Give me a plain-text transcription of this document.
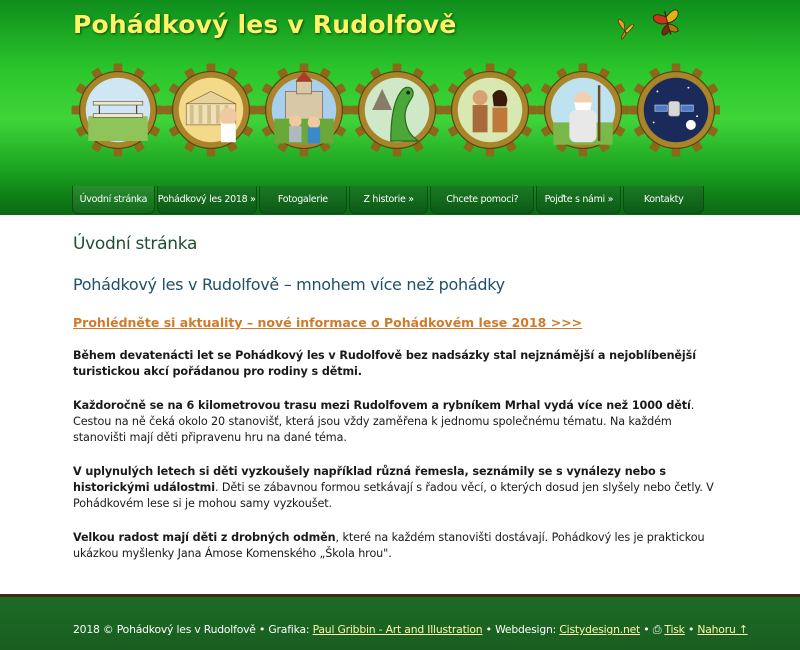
Pohádkový les v Rudolfově
Úvodní stránka	Pohádkový les 2018 »	Fotogalerie	Z historie »	Chcete pomoci?	Pojďte s námi »	Kontakty
Úvodní stránka
Pohádkový les v Rudolfově – mnohem více než pohádky
Prohlédněte si aktuality – nové informace o Pohádkovém lese 2018 >>>

Během devatenácti let se Pohádkový les v Rudolfově bez nadsázky stal nejznámější a nejoblíbenější turistickou akcí pořádanou pro rodiny s dětmi.

Každoročně se na 6 kilometrovou trasu mezi Rudolfovem a rybníkem Mrhal vydá více než 1000 dětí. Cestou na ně čeká okolo 20 stanovišť, která jsou vždy zaměřena k jednomu společnému tématu. Na každém stanovišti mají děti připravenu hru na dané téma.

V uplynulých letech si děti vyzkoušely například různá řemesla, seznámily se s vynálezy nebo s historickými událostmi. Děti se zábavnou formou setkávají s řadou věcí, o kterých dosud jen slyšely nebo četly. V Pohádkovém lese si je mohou samy vyzkoušet.

Velkou radost mají děti z drobných odměn, které na každém stanovišti dostávají. Pohádkový les je praktickou ukázkou myšlenky Jana Ámose Komenského „Škola hrou".

2018 © Pohádkový les v Rudolfově • Grafika: Paul Gribbin - Art and Illustration • Webdesign: Cistydesign.net • ⎙ Tisk • Nahoru ↑
